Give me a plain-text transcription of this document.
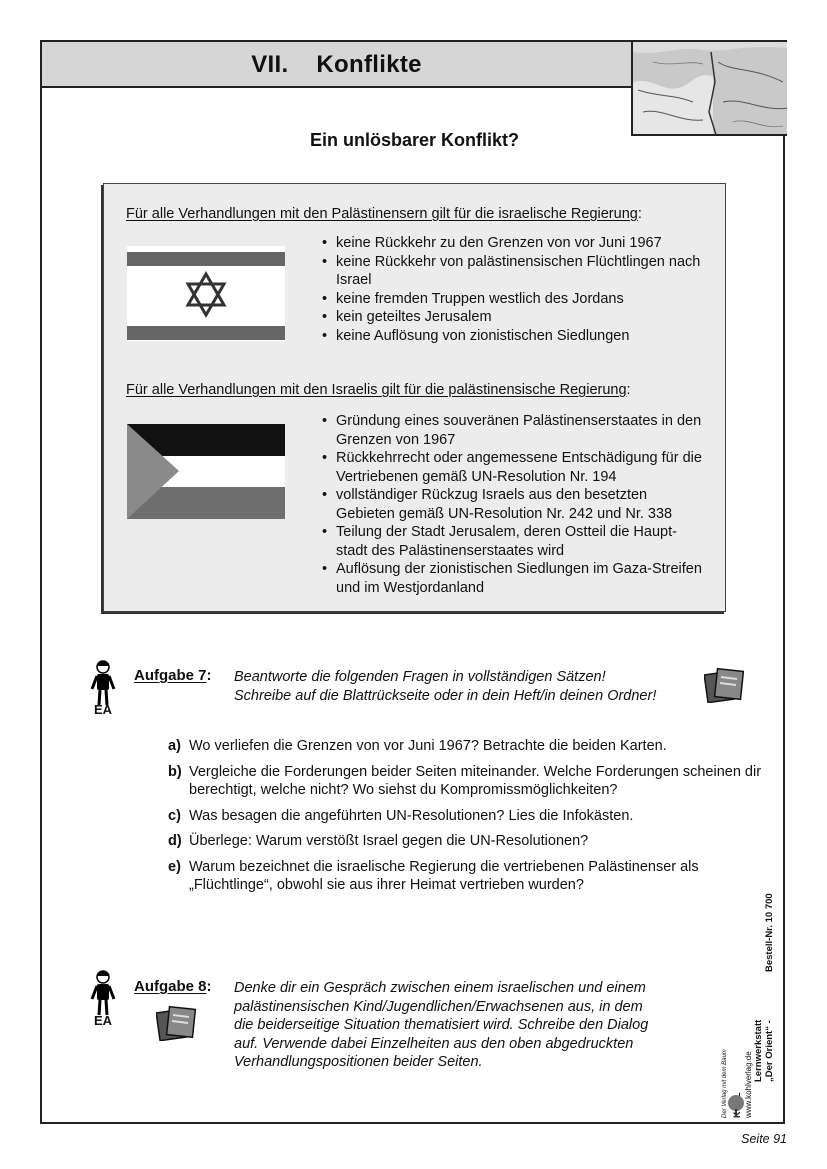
VII. Konflikte
Ein unlösbarer Konflikt?
Für alle Verhandlungen mit den Palästinensern gilt für die israelische Regierung:
• keine Rückkehr zu den Grenzen von vor Juni 1967
• keine Rückkehr von palästinensischen Flüchtlingen nach Israel
• keine fremden Truppen westlich des Jordans
• kein geteiltes Jerusalem
• keine Auflösung von zionistischen Siedlungen
Für alle Verhandlungen mit den Israelis gilt für die palästinensische Regierung:
• Gründung eines souveränen Palästinenserstaates in den Grenzen von 1967
• Rückkehrrecht oder angemessene Entschädigung für die Vertriebenen gemäß UN-Resolution Nr. 194
• vollständiger Rückzug Israels aus den besetzten Gebieten gemäß UN-Resolution Nr. 242 und Nr. 338
• Teilung der Stadt Jerusalem, deren Ostteil die Haupt-stadt des Palästinenserstaates wird
• Auflösung der zionistischen Siedlungen im Gaza-Streifen und im Westjordanland
EA
Aufgabe 7: Beantworte die folgenden Fragen in vollständigen Sätzen!
Schreibe auf die Blattrückseite oder in dein Heft/in deinen Ordner!
a) Wo verliefen die Grenzen von vor Juni 1967? Betrachte die beiden Karten.
b) Vergleiche die Forderungen beider Seiten miteinander. Welche Forderungen scheinen dir berechtigt, welche nicht? Wo siehst du Kompromissmöglichkeiten?
c) Was besagen die angeführten UN-Resolutionen? Lies die Infokästen.
d) Überlege: Warum verstößt Israel gegen die UN-Resolutionen?
e) Warum bezeichnet die israelische Regierung die vertriebenen Palästinenser als „Flüchtlinge“, obwohl sie aus ihrer Heimat vertrieben wurden?
EA
Aufgabe 8: Denke dir ein Gespräch zwischen einem israelischen und einem
palästinensischen Kind/Jugendlichen/Erwachsenen aus, in dem
die beiderseitige Situation thematisiert wird. Schreibe den Dialog
auf. Verwende dabei Einzelheiten aus den oben abgedruckten
Verhandlungspositionen beider Seiten.
Bestell-Nr. 10 700
Lernwerkstatt „Der Orient“ -
www.kohlverlag.de
Der Verlag mit dem Baum
Seite 91
